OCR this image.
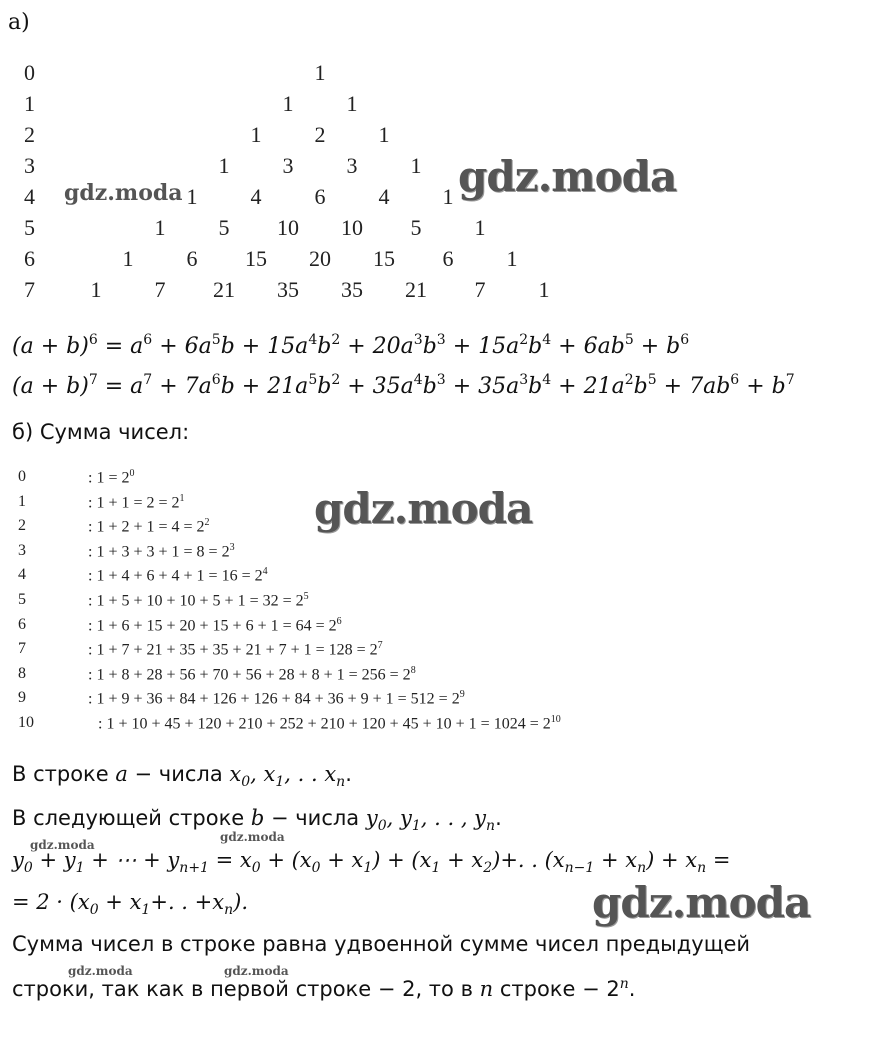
а)
0	1
1	1 1
2	1 2 1
3	1 3 3 1
4	1 4 6 4 1
5	1 5 10 10 5 1
6	1 6 15 20 15 6 1
7	1 7 21 35 35 21 7 1
$(a + b)^6 = a^6 + 6a^5b + 15a^4b^2 + 20a^3b^3 + 15a^2b^4 + 6ab^5 + b^6$
$(a + b)^7 = a^7 + 7a^6b + 21a^5b^2 + 35a^4b^3 + 35a^3b^4 + 21a^2b^5 + 7ab^6 + b^7$
б) Сумма чисел:
0	: $1 = 2^0$
1	: $1 + 1 = 2 = 2^1$
2	: $1 + 2 + 1 = 4 = 2^2$
3	: $1 + 3 + 3 + 1 = 8 = 2^3$
4	: $1 + 4 + 6 + 4 + 1 = 16 = 2^4$
5	: $1 + 5 + 10 + 10 + 5 + 1 = 32 = 2^5$
6	: $1 + 6 + 15 + 20 + 15 + 6 + 1 = 64 = 2^6$
7	: $1 + 7 + 21 + 35 + 35 + 21 + 7 + 1 = 128 = 2^7$
8	: $1 + 8 + 28 + 56 + 70 + 56 + 28 + 8 + 1 = 256 = 2^8$
9	: $1 + 9 + 36 + 84 + 126 + 126 + 84 + 36 + 9 + 1 = 512 = 2^9$
10	: $1 + 10 + 45 + 120 + 210 + 252 + 210 + 120 + 45 + 10 + 1 = 1024 = 2^{10}$
В строке a − числа $x_0$, $x_1$, . . $x_n$.
В следующей строке b − числа $y_0$, $y_1$, . . , $y_n$.
$y_0 + y_1$ + ⋯ + $y_{n+1} = x_0 + (x_0 + x_1) + (x_1 + x_2)+$. . $(x_{n-1} + x_n) + x_n$ =
= $2 \cdot (x_0 + x_1+$. . $+x_n$).
Сумма чисел в строке равна удвоенной сумме чисел предыдущей
строки, так как в первой строке − 2, то в n строке − $2^n$.
gdz.moda
gdz.moda
gdz.moda
gdz.moda
gdz.moda
gdz.moda
gdz.moda	gdz.moda
